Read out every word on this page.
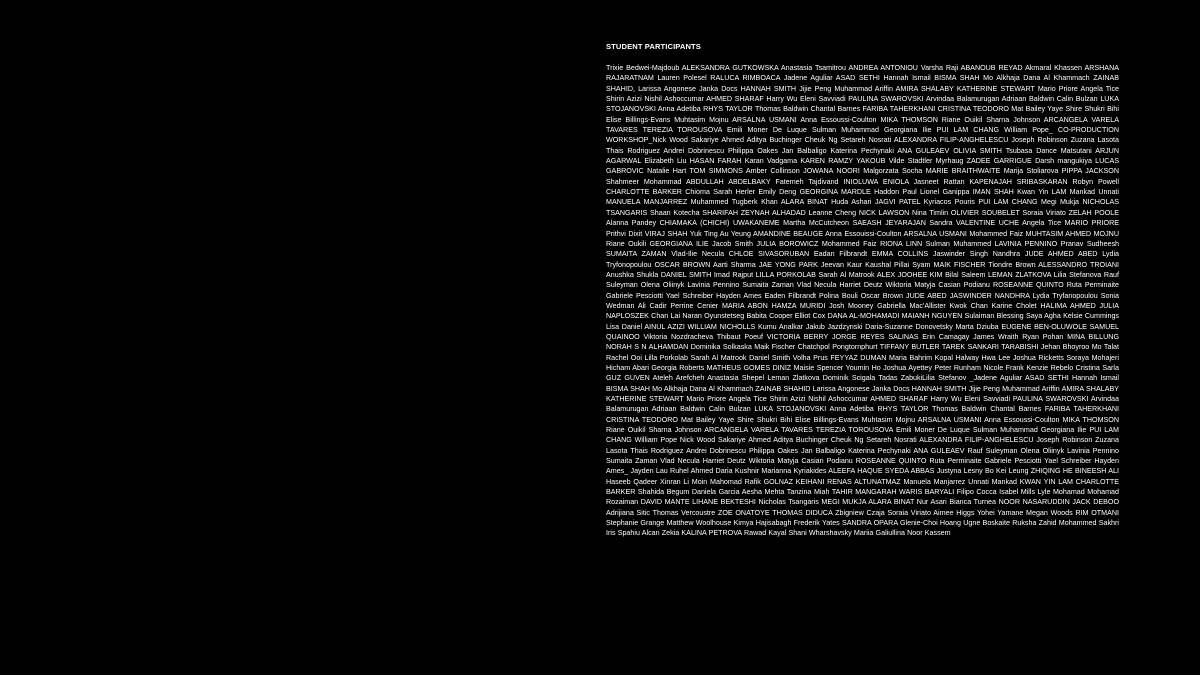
STUDENT PARTICIPANTS

Trixie Bedwei-Majdoub ALEKSANDRA GUTKOWSKA Anastasia Tsamitrou ANDREA ANTONIOU Varsha Raji ABANOUB REYAD Akmaral Khassen ARSHANA RAJARATNAM Lauren Polesel RALUCA RIMBOACA Jadene Aguliar ASAD SETHI Hannah Ismail BISMA SHAH Mo Alkhaja Dana Al Khammach ZAINAB SHAHID, Larissa Angonese Janka Docs HANNAH SMITH Jijie Peng Muhammad Ariffin AMIRA SHALABY KATHERINE STEWART Mario Priore Angela Tice Shirin Azizi Nishil Ashoccumar AHMED SHARAF Harry Wu Eleni Savviadi PAULINA SWAROVSKI Arvindaa Balamurugan Adriaan Baldwin Calin Bulzan LUKA STOJANOVSKI Anna Adetiba RHYS TAYLOR Thomas Baldwin Chantal Barnes FARIBA TAHERKHANI CRISTINA TEODORO Mat Bailey Yaye Shire Shukri Bihi Elise Billings-Evans Muhtasim Mojnu ARSALNA USMANI Anna Essoussi-Coulton MIKA THOMSON Riane Ouikil Sharna Johnson ARCANGELA VARELA TAVARES TEREZIA TOROUSOVA Emili Moner De Luque Sulman Muhammad Georgiana Ilie PUI LAM CHANG William Pope_ CO-PRODUCTION WORKSHOP_Nick Wood Sakariye Ahmed Aditya Buchinger Cheuk Ng Setareh Nosrati ALEXANDRA FILIP-ANGHELESCU Joseph Robinson Zuzana Lasota Thais Rodriguez Andrei Dobrinescu Philippa Oakes Jan Balbaligo Katerina Pechynaki ANA GULEAEV OLIVIA SMITH Tsubasa Dance Matsutani ARJUN AGARWAL Elizabeth Liu HASAN FARAH Karan Vadgama KAREN RAMZY YAKOUB Vilde Stadtler Myrhaug ZADEE GARRIGUE Darsh mangukiya LUCAS GABROVIC Natalie Hart TOM SIMMONS Amber Collinson JOWANA NOORI Malgorzata Socha MARIE BRAITHWAITE Marija Stoliarova PIPPA JACKSON Shahmeer Mohammad ABDULLAH ABDELBAKY Fatemeh Tajdivand INIOLUWA ENIOLA Jasneet Rattan KAPENAJAH SRIBASKARAN Robyn Powell CHARLOTTE BARKER Chioma Sarah Herler Emily Deng GEORGINA MARDLE Haddon Paul Lionel Ganippa IMAN SHAH Kwan Yin LAM Mankad Unnati MANUELA MANJARREZ Muhammed Tugberk Khan ALARA BINAT Huda Ashari JAGVI PATEL Kyriacos Pouris PUI LAM CHANG Megi Mukja NICHOLAS TSANGARIS Shaan Kotecha SHARIFAH ZEYNAH ALHADAD Leanne Cheng NICK LAWSON Nina Timlin OLIVIER SOUBELET Soraia Viriato ZELAH POOLE Alanna Pandey CHIAMAKA (CHICHI) UWAKANEME Martha McCutcheon SAEASH JEYARAJAN Sandra VALENTINE UCHE Angela Tice MARIO PRIORE Prithvi Dixit VIRAJ SHAH Yuk Ting Au Yeung AMANDINE BEAUGE Anna Essouissi-Coulton ARSALNA USMANI Mohammed Faiz MUHTASIM AHMED MOJNU Riane Oukili GEORGIANA ILIE Jacob Smith JULIA BOROWICZ Mohammed Faiz RIONA LINN Sulman Muhammed LAVINIA PENNINO Pranav Sudheesh SUMAITA ZAMAN Vlad-Ilie Necula CHLOE SIVASORUBAN Eadan Filbrandt EMMA COLLINS Jaswinder Singh Nandhra JUDE AHMED ABED Lydia Tryfonopoulou OSCAR BROWN Aarti Sharma JAE YONG PARK Jeevan Kaur Kaushal Pillai Syam MAIK FISCHER Tiondre Brown ALESSANDRO TROIANI Anushka Shukla DANIEL SMITH Imad Rajput LILLA PORKOLAB Sarah Al Matrook ALEX JOOHEE KIM Bilal Saleem LEMAN ZLATKOVA Lilia Stefanova Rauf Suleyman Olena Oliinyk Lavinia Pennino Sumaita Zaman Vlad Necula Harriet Deutz Wiktoria Matyja Casian Podianu ROSEANNE QUINTO Ruta Perminaite Gabriele Pesciotti Yael Schreiber Hayden Ames Eaden Filbrandt Polina Bouli Oscar Brown JUDE ABED JASWINDER NANDHRA Lydia Tryfanopoulou Sonia Wedman Ali Cadir Perrine Cenier MARIA ABON HAMZA MURIDI Josh Mooney Gabriella Mac'Allister Kwok Chan Karine Cholet HALIMA AHMED JULIA NAPLOSZEK Chan Lai Naran Oyunstetseg Babita Cooper Elliot Cox DANA AL-MOHAMADI MAIANH NGUYEN Sulaiman Blessing Saya Agha Kelsie Cummings Lisa Daniel AINUL AZIZI WILLIAM NICHOLLS Kumu Analkar Jakub Jazdzynski Daria-Suzanne Donovetsky Marta Dziuba EUGENE BEN-OLUWOLE SAMUEL QUAINOO Viktoria Nozdracheva Thibaut Poeuf VICTORIA BERRY JORGE REYES SALINAS Erin Camagay James Wraith Ryan Pohan MINA BILLUNG NORAH S N ALHAMDAN Dominika Solkaska Maik Fischer Chatchpol Pongtornphurt TIFFANY BUTLER TAREK SANKARI TARABISHI Jehan Bhoyroo Mo Talat Rachel Ooi Lilla Porkolab Sarah Al Matrook Daniel Smith Volha Prus FEYYAZ DUMAN Maria Bahrim Kopal Halway Hwa Lee Joshua Ricketts Soraya Mohajeri Hicham Abari Georgia Roberts MATHEUS GOMES DINIZ Maisie Spencer Youmin Ho Joshua Ayettey Peter Runham Nicole Frank Kenzie Rebelo Cristina Sarla GUZ GUVEN Ateleh Arefcheh Anastasia Shepel Leman Zlatkova Dominik Scigala Tadas ZabukiLilia Stefanov _Jadene Aguliar ASAD SETHI Hannah Ismail BISMA SHAH Mo Alkhaja Dana Al Khammach ZAINAB SHAHID Larissa Angonese Janka Docs HANNAH SMITH Jijie Peng Muhammad Ariffin AMIRA SHALABY KATHERINE STEWART Mario Priore Angela Tice Shirin Azizi Nishil Ashoccumar AHMED SHARAF Harry Wu Eleni Savviadi PAULINA SWAROVSKI Arvindaa Balamurugan Adriaan Baldwin Calin Bulzan LUKA STOJANOVSKI Anna Adetiba RHYS TAYLOR Thomas Baldwin Chantal Barnes FARIBA TAHERKHANI CRISTINA TEODORO Mat Bailey Yaye Shire Shukri Bihi Elise Billings-Evans Muhtasim Mojnu ARSALNA USMANI Anna Essoussi-Coulton MIKA THOMSON Riane Ouikil Sharna Johnson ARCANGELA VARELA TAVARES TEREZIA TOROUSOVA Emili Moner De Luque Sulman Muhammad Georgiana Ilie PUI LAM CHANG William Pope Nick Wood Sakariye Ahmed Aditya Buchinger Cheuk Ng Setareh Nosrati ALEXANDRA FILIP-ANGHELESCU Joseph Robinson Zuzana Lasota Thais Rodriguez Andrei Dobrinescu Philippa Oakes Jan Balbaligo Katerina Pechynaki ANA GULEAEV Rauf Suleyman Olena Oliinyk Lavinia Pennino Sumaita Zaman Vlad Necula Harriet Deutz Wiktoria Matyja Casian Podianu ROSEANNE QUINTO Ruta Perminaite Gabriele Pesciotti Yael Schreiber Hayden Ames_ Jayden Lau Ruhel Ahmed Daria Kushnir Marianna Kyriakides ALEEFA HAQUE SYEDA ABBAS Justyna Lesny Bo Kei Leung ZHIQING HE BINEESH ALI Haseeb Qadeer Xinran Li Moin Mahomad Rafik GOLNAZ KEIHANI RENAS ALTUNATMAZ Manuela Manjarrez Unnati Mankad KWAN YIN LAM CHARLOTTE BARKER Shahida Begum Daniela Garcia Aesha Mehta Tanzina Miah TAHIR MANGARAH WARIS BARYALI Filipo Cocca Isabel Mills Lyle Mohamad Mohamad Rozaiman DAVID MANTE LIHANE BEKTESHI Nicholas Tsangaris MEGI MUKJA ALARA BINAT Nur Asari Bianca Turnea NOOR NASARUDDIN JACK DEBOO Adrijiana Sitic Thomas Vercoustre ZOE ONATOYE THOMAS DIDUCA Zbigniew Czaja Soraia Viriato Aimee Higgs Yohei Yamane Megan Woods RIM OTMANI Stephanie Grange Matthew Woolhouse Kimya Hajisabagh Frederik Yates SANDRA OPARA Glenie-Choi Hoang Ugne Boskaite Ruksha Zahid Mohammed Sakhri Iris Spahiu Alcan Zekia KALINA PETROVA Rawad Kayal Shani Wharshavsky Mariia Galiullina Noor Kassem
